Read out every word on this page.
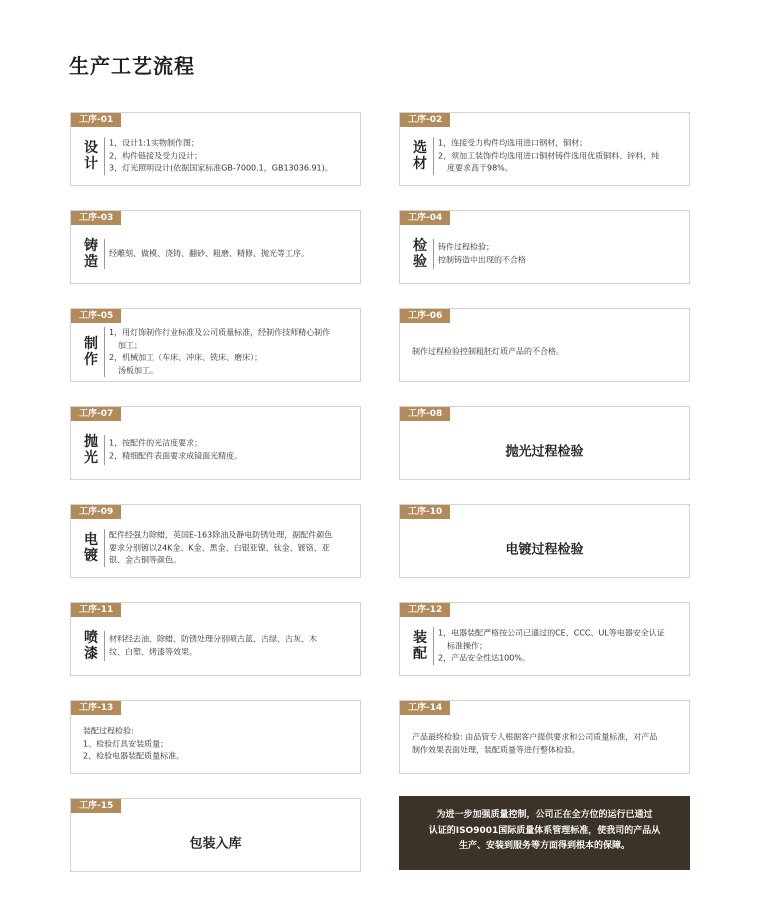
生产工艺流程
工序-01
设
计
1，设计1:1实物制作图；
2，构件链接及受力设计；
3，灯光照明设计(依据国家标准GB-7000.1，GB13036.91)。
工序-02
选
材
1，连接受力构件均选用进口钢材，铜材；
2，须加工装饰件均选用进口铜材铸件选用优质铜料、锌料，纯
度要求高于98%。
工序-03
铸
造
经雕刻、做模、浇铸、翻砂、粗磨、精修、抛光等工序。
工序-04
检
验
铸件过程检验；
控制铸造中出现的不合格
工序-05
制
作
1，用灯饰制作行业标准及公司质量标准，经制作技师精心制作
加工；
2，机械加工（车床、冲床、铣床、磨床）；
汤板加工。
工序-06
制作过程检验控制粗胚灯质产品的不合格。
工序-07
抛
光
1，按配件的光洁度要求；
2，精细配件表面要求成镜面光精度。
工序-08
抛光过程检验
工序-09
电
镀
配件经强力除蜡，英国E-163除油及静电防锈处理，据配件颜色
要求分别镀以24K金、K金、黑金、白银亚镍、钛金、镀铬、亚
银、金古铜等颜色。
工序-10
电镀过程检验
工序-11
喷
漆
材料经去油、除蜡、防锈处理分别喷古蓝、古绿、古灰、木
纹、白塑、烤漆等效果。
工序-12
装
配
1，电器装配严格按公司已通过的CE、CCC、UL等电器安全认证
标准操作；
2，产品安全性达100%。
工序-13
装配过程检验:
1、检验灯具安装质量；
2、检验电器装配质量标准。
工序-14
产品最终检验: 由品管专人根据客户提供要求和公司质量标准，对产品
制作效果表面处理，装配质量等进行整体检验。
工序-15
包装入库
为进一步加强质量控制，公司正在全方位的运行已通过
认证的ISO9001国际质量体系管理标准，使我司的产品从
生产、安装到服务等方面得到根本的保障。
